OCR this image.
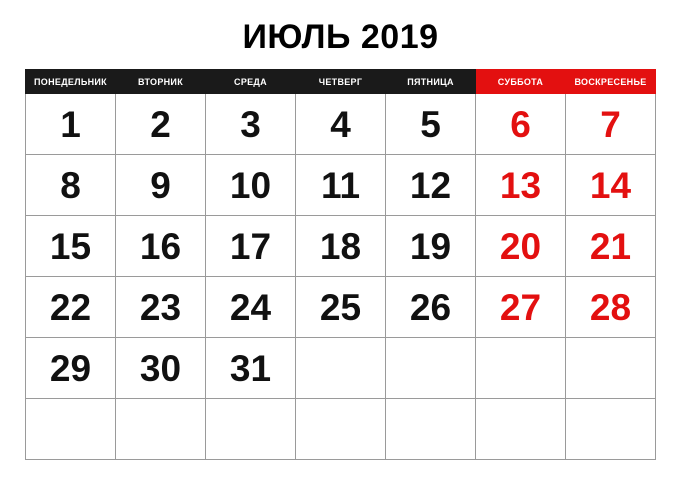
ИЮЛЬ 2019
ПОНЕДЕЛЬНИК	ВТОРНИК	СРЕДА	ЧЕТВЕРГ	ПЯТНИЦА	СУББОТА	ВОСКРЕСЕНЬЕ
1	2	3	4	5	6	7
8	9	10	11	12	13	14
15	16	17	18	19	20	21
22	23	24	25	26	27	28
29	30	31				
